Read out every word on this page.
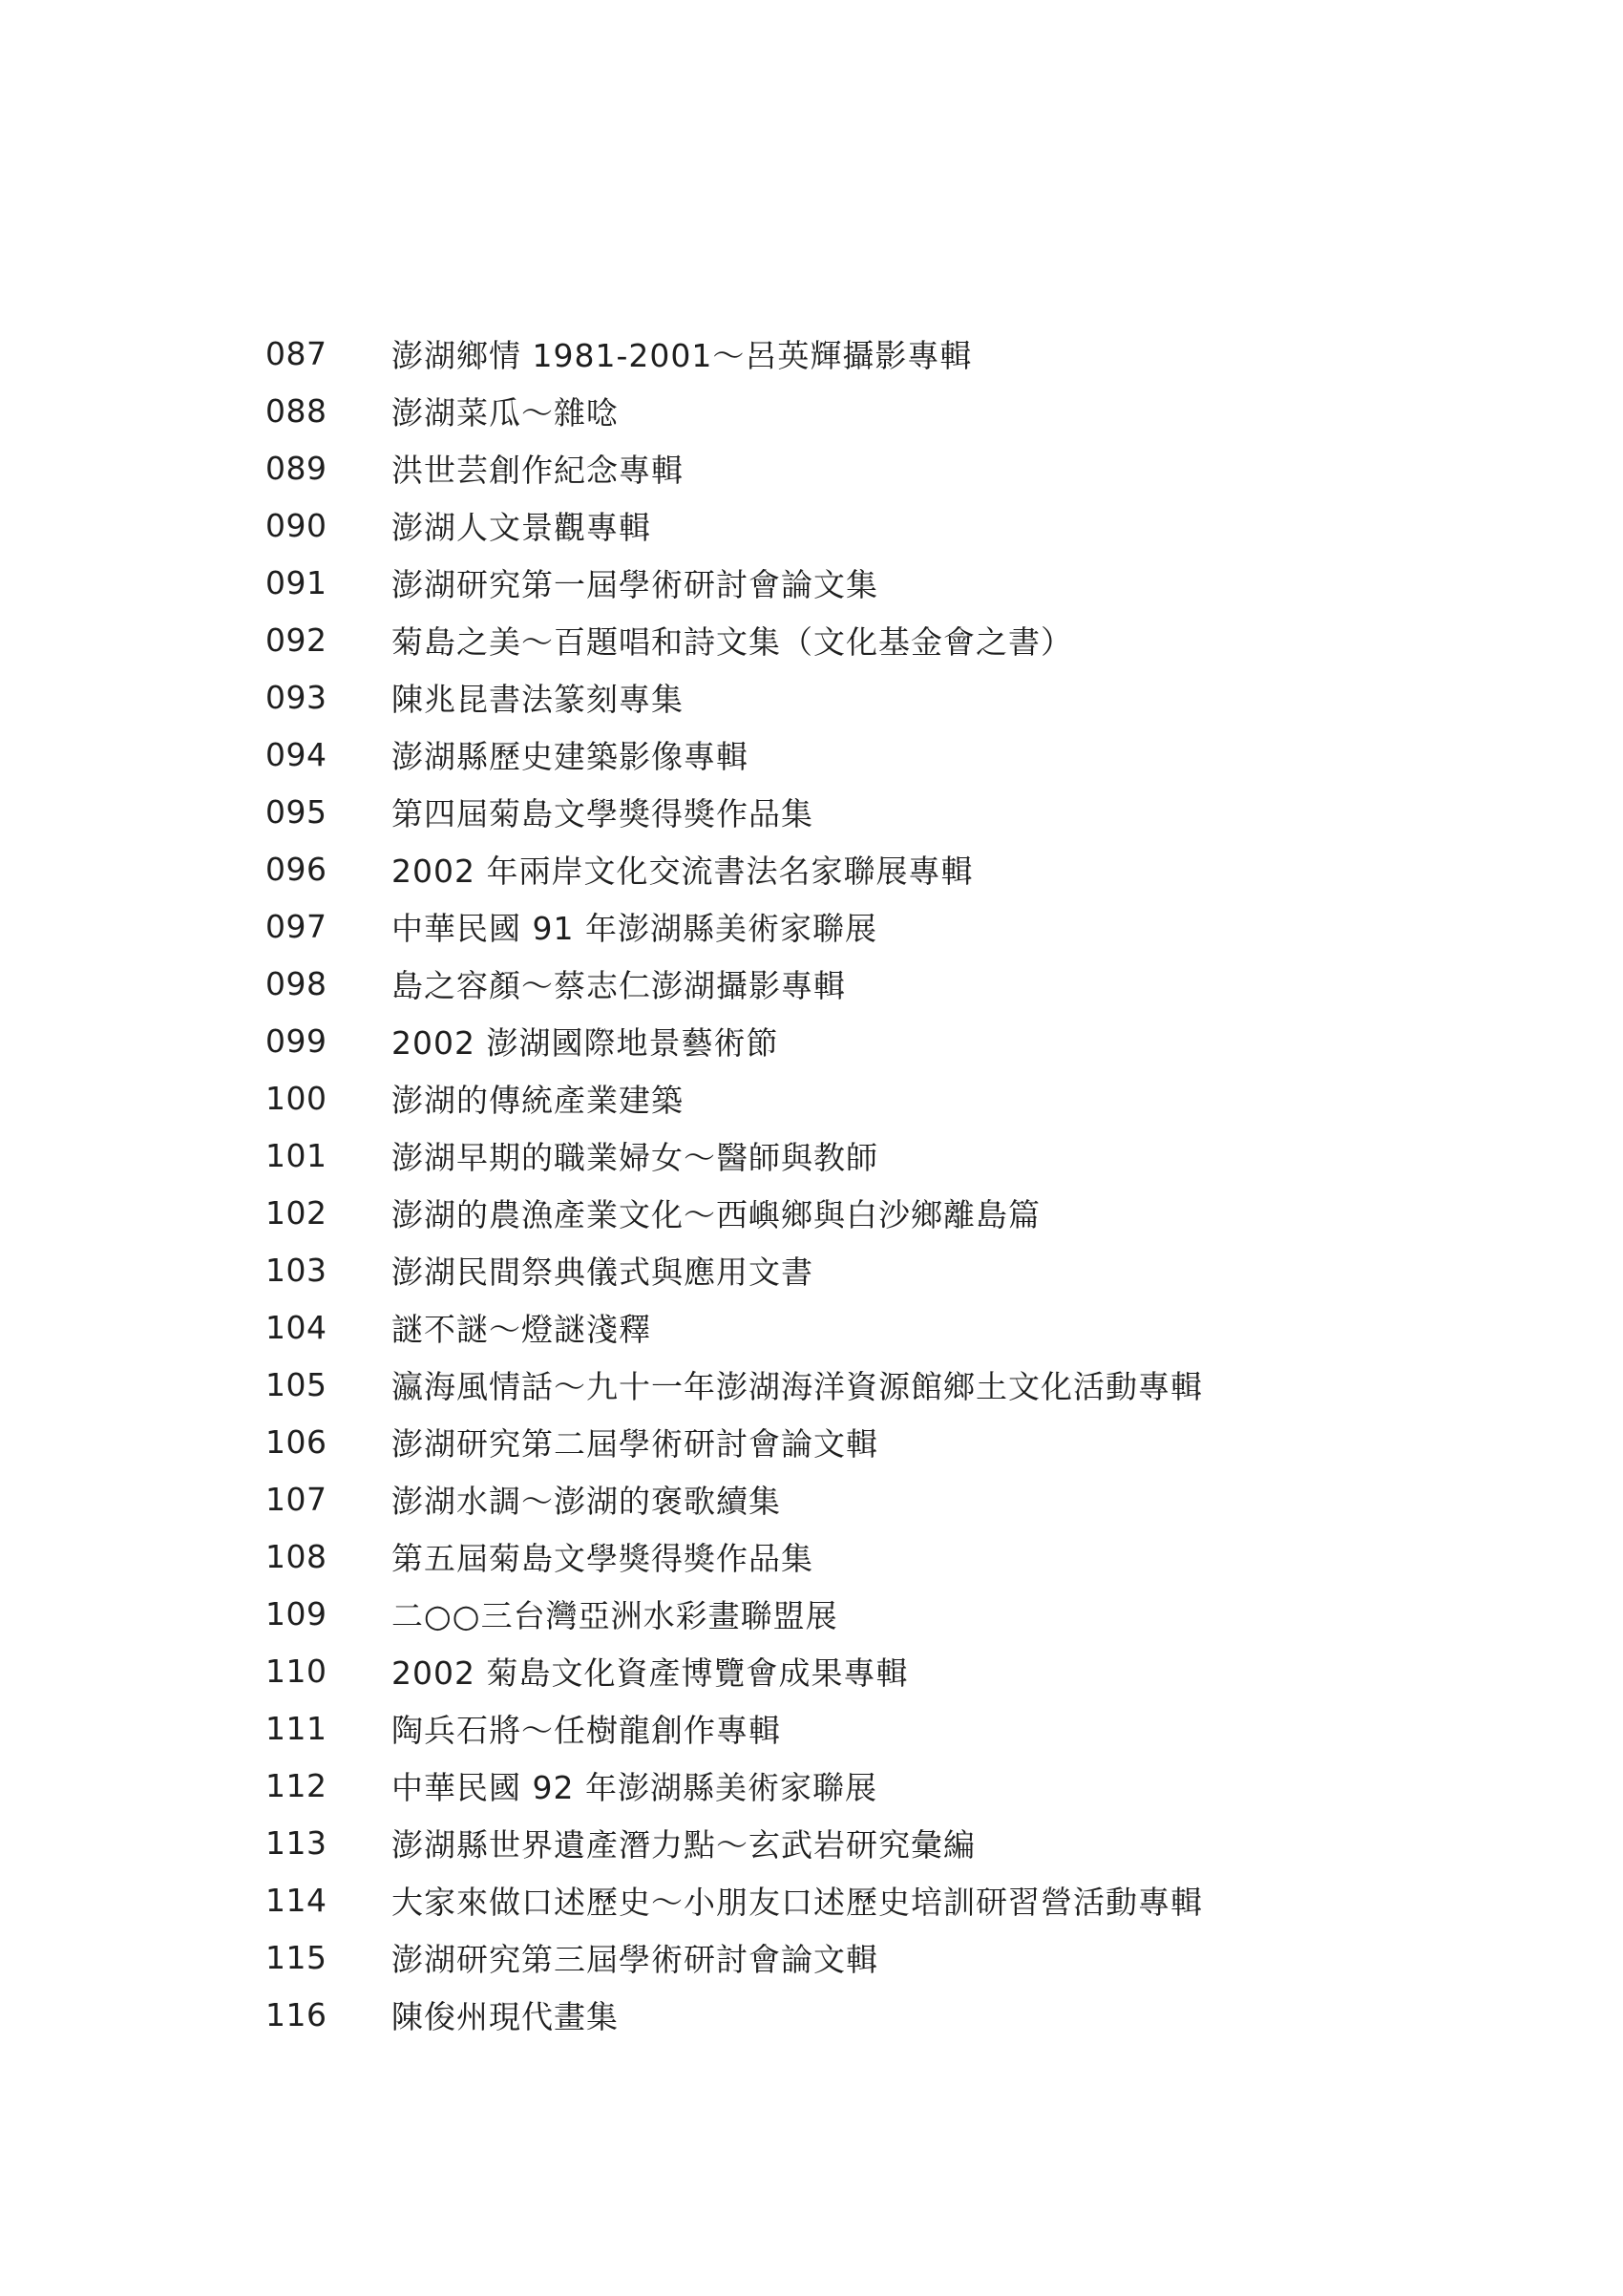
087	澎湖鄉情 1981-2001～呂英輝攝影專輯
088	澎湖菜瓜～雜唸
089	洪世芸創作紀念專輯
090	澎湖人文景觀專輯
091	澎湖研究第一屆學術研討會論文集
092	菊島之美～百題唱和詩文集（文化基金會之書）
093	陳兆昆書法篆刻專集
094	澎湖縣歷史建築影像專輯
095	第四屆菊島文學獎得獎作品集
096	2002 年兩岸文化交流書法名家聯展專輯
097	中華民國 91 年澎湖縣美術家聯展
098	島之容顏～蔡志仁澎湖攝影專輯
099	2002 澎湖國際地景藝術節
100	澎湖的傳統產業建築
101	澎湖早期的職業婦女～醫師與教師
102	澎湖的農漁產業文化～西嶼鄉與白沙鄉離島篇
103	澎湖民間祭典儀式與應用文書
104	謎不謎～燈謎淺釋
105	瀛海風情話～九十一年澎湖海洋資源館鄉土文化活動專輯
106	澎湖研究第二屆學術研討會論文輯
107	澎湖水調～澎湖的褒歌續集
108	第五屆菊島文學獎得獎作品集
109	二○○三台灣亞洲水彩畫聯盟展
110	2002 菊島文化資產博覽會成果專輯
111	陶兵石將～任樹龍創作專輯
112	中華民國 92 年澎湖縣美術家聯展
113	澎湖縣世界遺產潛力點～玄武岩研究彙編
114	大家來做口述歷史～小朋友口述歷史培訓研習營活動專輯
115	澎湖研究第三屆學術研討會論文輯
116	陳俊州現代畫集
